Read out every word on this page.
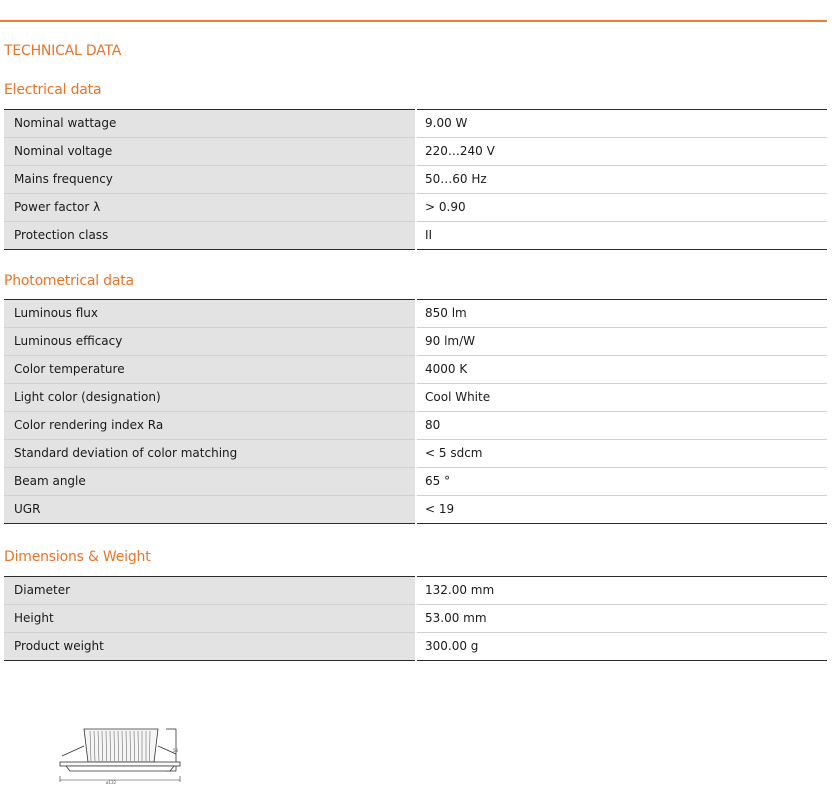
TECHNICAL DATA
Electrical data
Nominal wattage	9.00 W
Nominal voltage	220…240 V
Mains frequency	50…60 Hz
Power factor λ	> 0.90
Protection class	II
Photometrical data
Luminous flux	850 lm
Luminous efficacy	90 lm/W
Color temperature	4000 K
Light color (designation)	Cool White
Color rendering index Ra	80
Standard deviation of color matching	< 5 sdcm
Beam angle	65 °
UGR	< 19
Dimensions & Weight
Diameter	132.00 mm
Height	53.00 mm
Product weight	300.00 g
53
ø132
